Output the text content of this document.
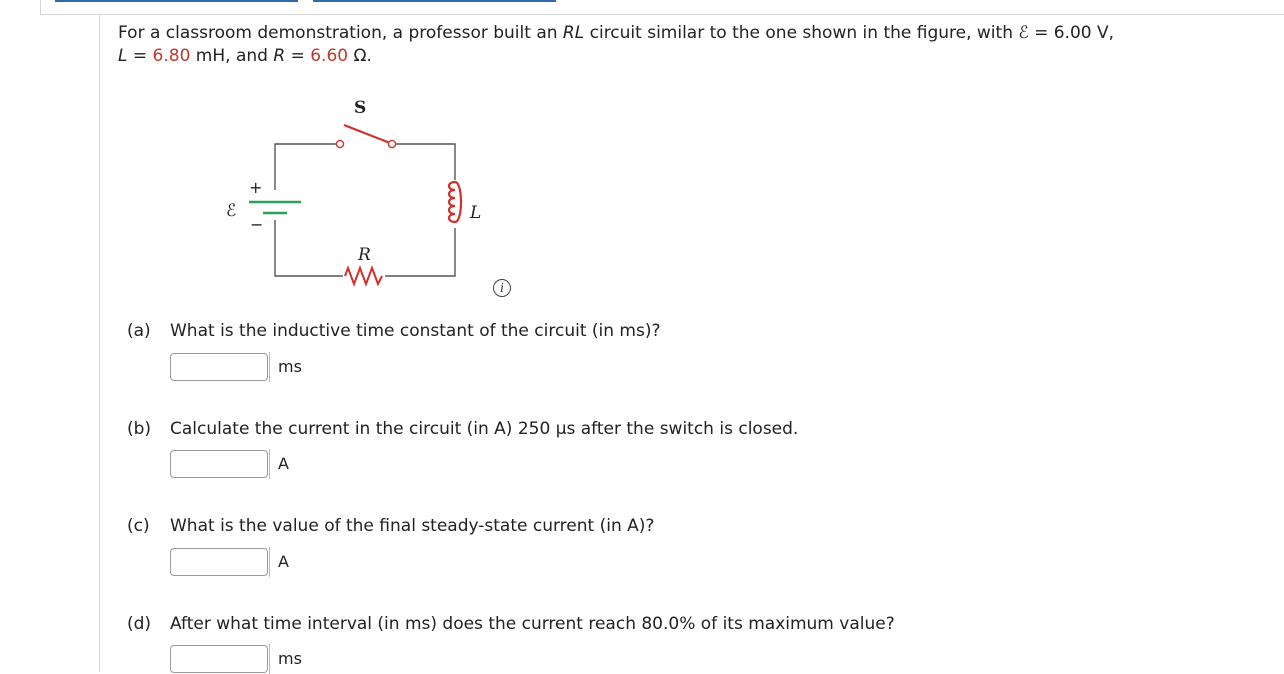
For a classroom demonstration, a professor built an RL circuit similar to the one shown in the figure, with ℰ = 6.00 V,
L = 6.80 mH, and R = 6.60 Ω.
S
+
ℰ
−
L
R
i
(a) What is the inductive time constant of the circuit (in ms)?
ms
(b) Calculate the current in the circuit (in A) 250 μs after the switch is closed.
A
(c) What is the value of the final steady-state current (in A)?
A
(d) After what time interval (in ms) does the current reach 80.0% of its maximum value?
ms
